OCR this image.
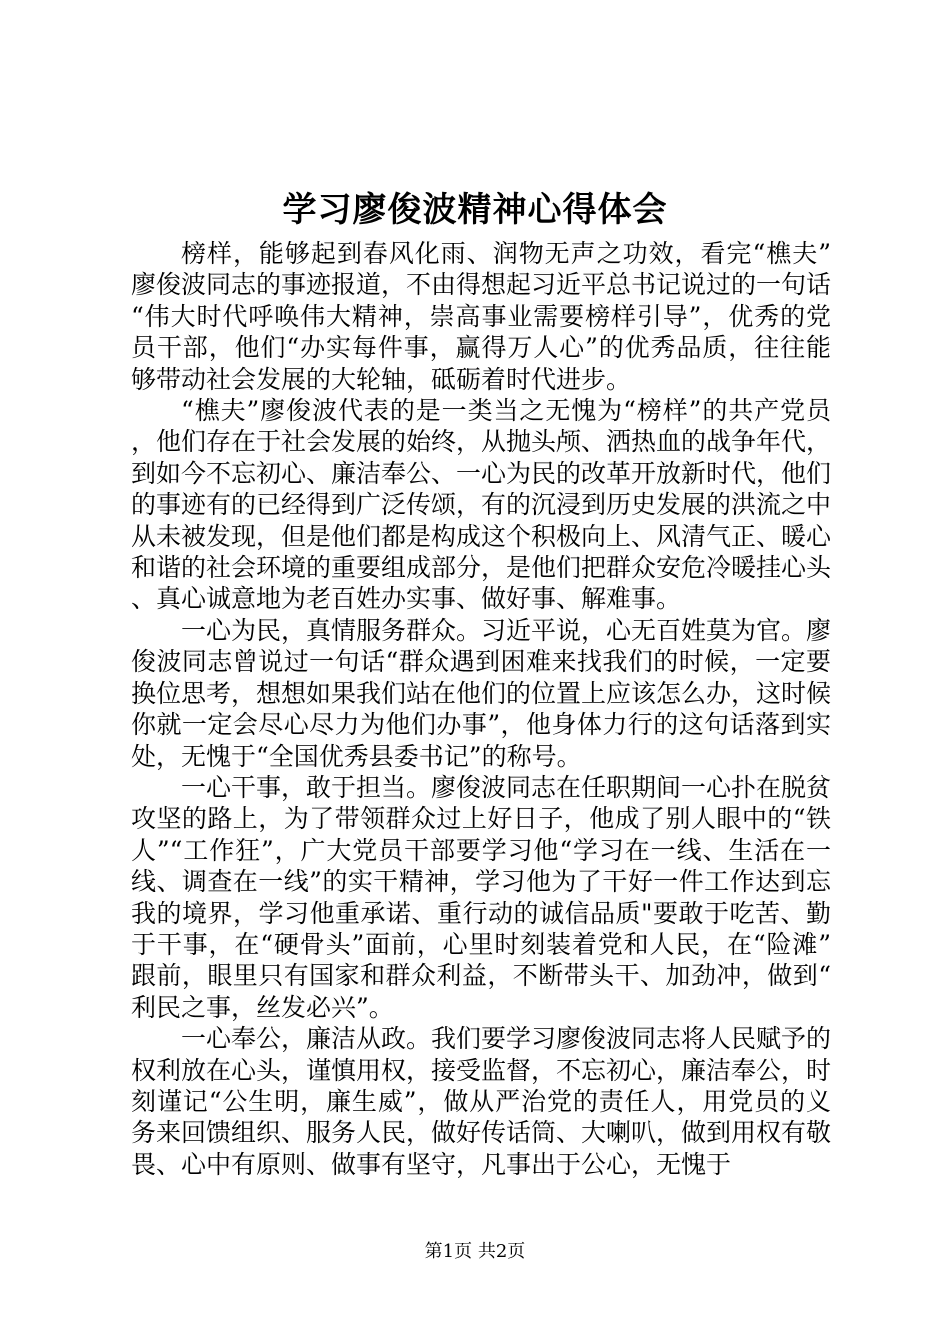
学习廖俊波精神心得体会

榜样，能够起到春风化雨、润物无声之功效，看完“樵夫”廖俊波同志的事迹报道，不由得想起习近平总书记说过的一句话“伟大时代呼唤伟大精神，崇高事业需要榜样引导”，优秀的党员干部，他们“办实每件事，赢得万人心”的优秀品质，往往能够带动社会发展的大轮轴，砥砺着时代进步。

“樵夫”廖俊波代表的是一类当之无愧为“榜样”的共产党员，他们存在于社会发展的始终，从抛头颅、洒热血的战争年代，到如今不忘初心、廉洁奉公、一心为民的改革开放新时代，他们的事迹有的已经得到广泛传颂，有的沉浸到历史发展的洪流之中从未被发现，但是他们都是构成这个积极向上、风清气正、暖心和谐的社会环境的重要组成部分，是他们把群众安危冷暖挂心头、真心诚意地为老百姓办实事、做好事、解难事。

一心为民，真情服务群众。习近平说，心无百姓莫为官。廖俊波同志曾说过一句话“群众遇到困难来找我们的时候，一定要换位思考，想想如果我们站在他们的位置上应该怎么办，这时候你就一定会尽心尽力为他们办事”，他身体力行的这句话落到实处，无愧于“全国优秀县委书记”的称号。

一心干事，敢于担当。廖俊波同志在任职期间一心扑在脱贫攻坚的路上，为了带领群众过上好日子，他成了别人眼中的“铁人”“工作狂”，广大党员干部要学习他“学习在一线、生活在一线、调查在一线”的实干精神，学习他为了干好一件工作达到忘我的境界，学习他重承诺、重行动的诚信品质"要敢于吃苦、勤于干事，在“硬骨头”面前，心里时刻装着党和人民，在“险滩”跟前，眼里只有国家和群众利益，不断带头干、加劲冲，做到“利民之事，丝发必兴”。

一心奉公，廉洁从政。我们要学习廖俊波同志将人民赋予的权利放在心头，谨慎用权，接受监督，不忘初心，廉洁奉公，时刻谨记“公生明，廉生威”，做从严治党的责任人，用党员的义务来回馈组织、服务人民，做好传话筒、大喇叭，做到用权有敬畏、心中有原则、做事有坚守，凡事出于公心，无愧于

第1页 共2页
